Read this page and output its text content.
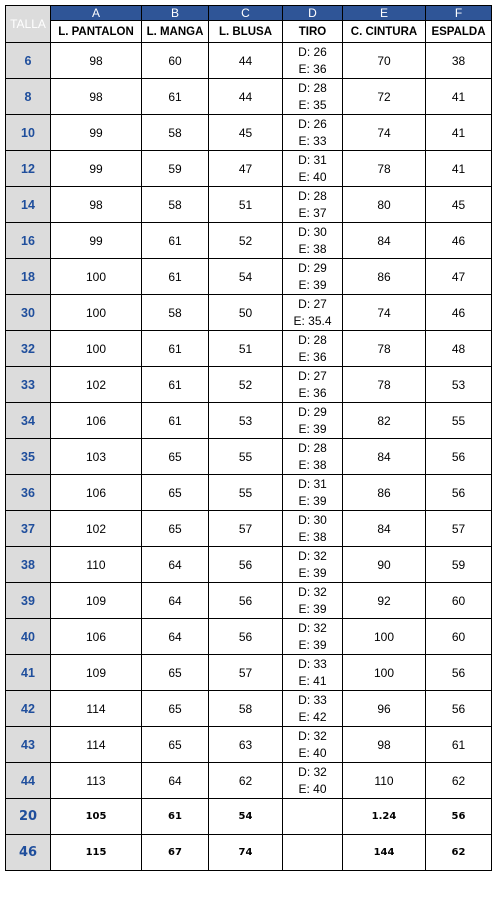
TALLA	A	B	C	D	E	F
	L. PANTALON	L. MANGA	L. BLUSA	TIRO	C. CINTURA	ESPALDA
6	98	60	44	D: 26
E: 36	70	38
8	98	61	44	D: 28
E: 35	72	41
10	99	58	45	D: 26
E: 33	74	41
12	99	59	47	D: 31
E: 40	78	41
14	98	58	51	D: 28
E: 37	80	45
16	99	61	52	D: 30
E: 38	84	46
18	100	61	54	D: 29
E: 39	86	47
30	100	58	50	D: 27
E: 35.4	74	46
32	100	61	51	D: 28
E: 36	78	48
33	102	61	52	D: 27
E: 36	78	53
34	106	61	53	D: 29
E: 39	82	55
35	103	65	55	D: 28
E: 38	84	56
36	106	65	55	D: 31
E: 39	86	56
37	102	65	57	D: 30
E: 38	84	57
38	110	64	56	D: 32
E: 39	90	59
39	109	64	56	D: 32
E: 39	92	60
40	106	64	56	D: 32
E: 39	100	60
41	109	65	57	D: 33
E: 41	100	56
42	114	65	58	D: 33
E: 42	96	56
43	114	65	63	D: 32
E: 40	98	61
44	113	64	62	D: 32
E: 40	110	62
20	105	61	54		1.24	56
46	115	67	74		144	62
